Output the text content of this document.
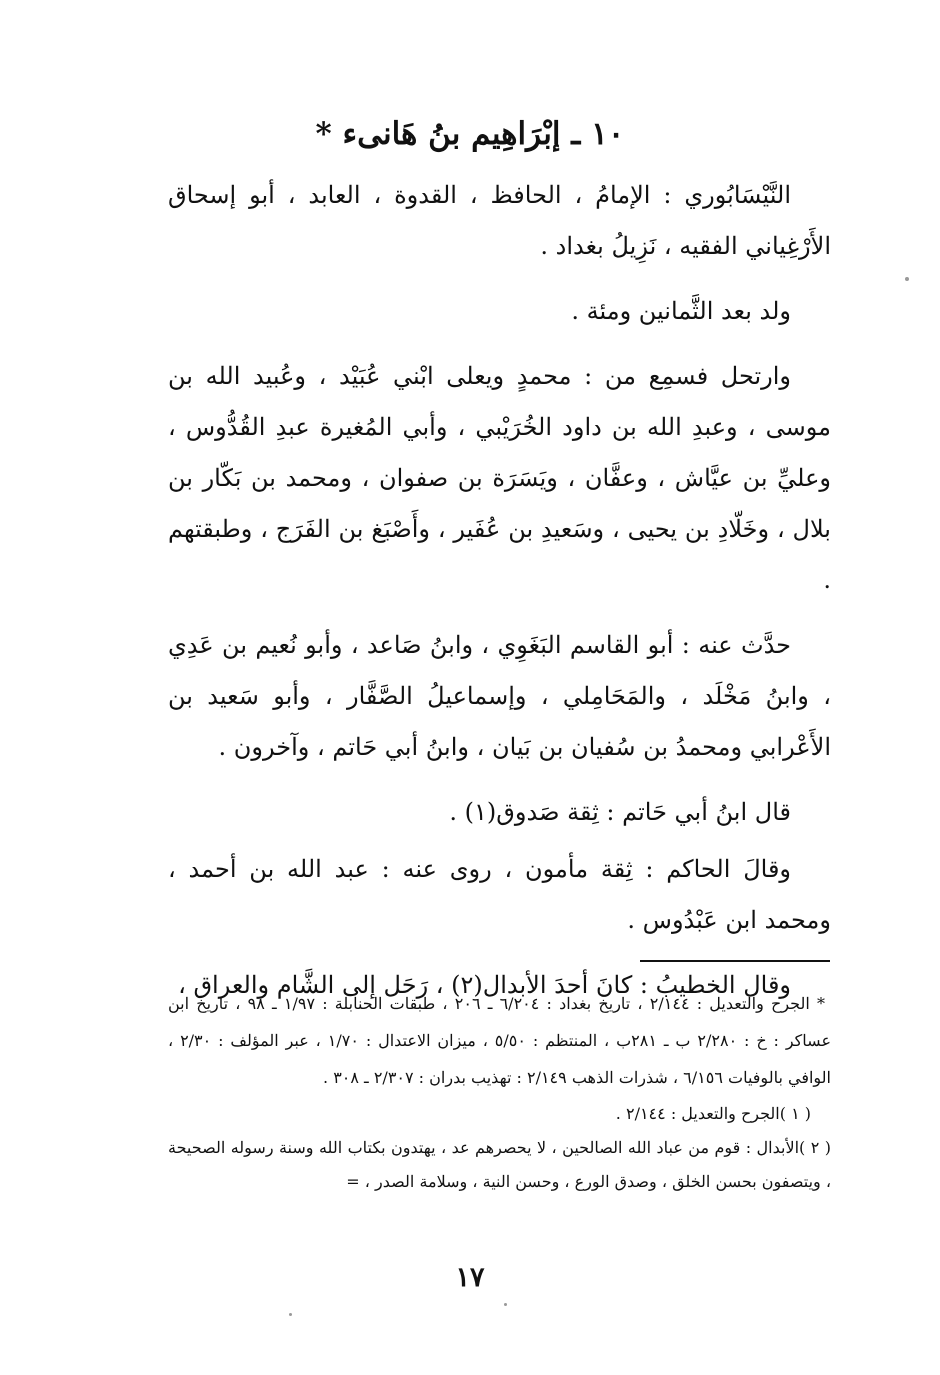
١٠ ـ إبْرَاهِيم بنُ هَانىء *

النَّيْسَابُوري : الإمامُ ، الحافظ ، القدوة ، العابد ، أبو إسحاق الأَرْغِياني الفقيه ، نَزِيلُ بغداد .

ولد بعد الثَّمانين ومئة .

وارتحل فسمِع من : محمدٍ ويعلى ابْني عُبَيْد ، وعُبيد الله بن موسى ، وعبدِ الله بن داود الخُرَيْبي ، وأبي المُغيرة عبدِ القُدُّوس ، وعليِّ بن عيَّاش ، وعفَّان ، ويَسَرَة بن صفوان ، ومحمد بن بَكّار بن بلال ، وخَلّادِ بن يحيى ، وسَعيدِ بن عُفَير ، وأَصْبَغ بن الفَرَج ، وطبقتهم .

حدَّث عنه : أبو القاسم البَغَوِي ، وابنُ صَاعد ، وأبو نُعيم بن عَدِي ، وابنُ مَخْلَد ، والمَحَامِلي ، وإسماعيلُ الصَّفَّار ، وأبو سَعيد بن الأَعْرابي ومحمدُ بن سُفيان بن بَيان ، وابنُ أبي حَاتم ، وآخرون .

قال ابنُ أبي حَاتم : ثِقة صَدوق(١) .

وقالَ الحاكم : ثِقة مأمون ، روى عنه : عبد الله بن أحمد ، ومحمد ابن عَبْدُوس .

وقال الخطيبُ : كانَ أحدَ الأبدال(٢) ، رَحَل إلى الشَّام والعراق ،

* الجرح والتعديل : ٢/١٤٤ ، تاريخ بغداد : ٦/٢٠٤ ـ ٢٠٦ ، طبقات الحنابلة : ١/٩٧ ـ ٩٨ ، تاريخ ابن عساكر : خ : ٢/٢٨٠ ب ـ ٢٨١ب ، المنتظم : ٥/٥٠ ، ميزان الاعتدال : ١/٧٠ ، عبر المؤلف : ٢/٣٠ ، الوافي بالوفيات ٦/١٥٦ ، شذرات الذهب ٢/١٤٩ : تهذيب بدران : ٢/٣٠٧ ـ ٣٠٨ .

( ١ )الجرح والتعديل : ٢/١٤٤ .

( ٢ )الأبدال : قوم من عباد الله الصالحين ، لا يحصرهم عد ، يهتدون بكتاب الله وسنة رسوله الصحيحة ، ويتصفون بحسن الخلق ، وصدق الورع ، وحسن النية ، وسلامة الصدر ، =

١٧
